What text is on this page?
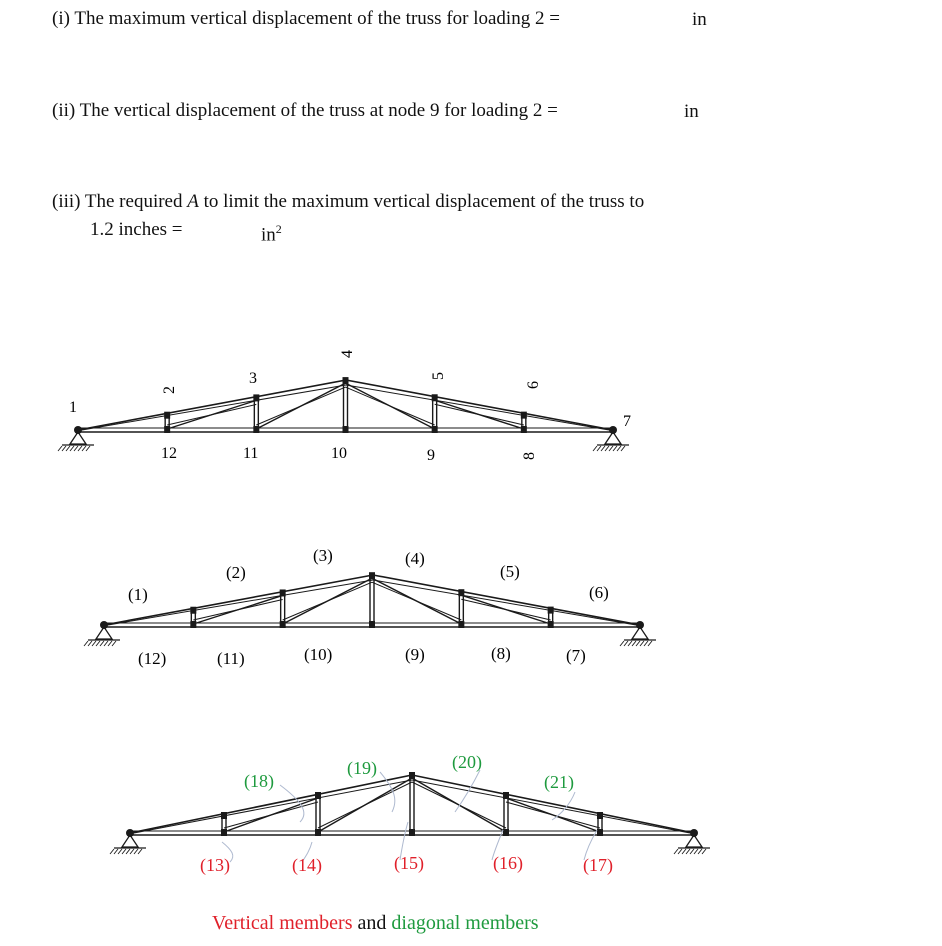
(i) The maximum vertical displacement of the truss for loading 2 =	in
(ii) The vertical displacement of the truss at node 9 for loading 2 =	in
(iii) The required A to limit the maximum vertical displacement of the truss to
1.2 inches =	$in^2$
1
2
3
4
5
6
7
12	11	10	9	8
(1)
(2)
(3)	(4)
(5)
(6)
(12)	(11)	(10)	(9)	(8)	(7)
(18)
(19)	(20)
(21)
(13)	(14)	(15)	(16)	(17)
Vertical members and diagonal members
